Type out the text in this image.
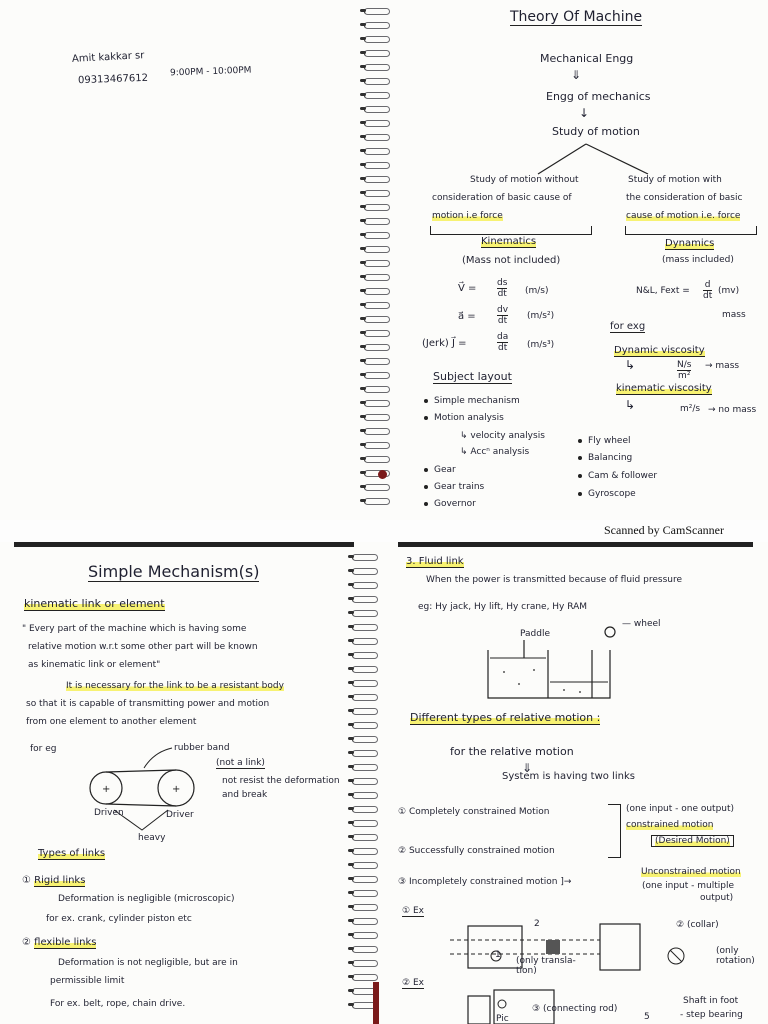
Amit kakkar sr
09313467612
9:00PM - 10:00PM
Theory Of Machine
Mechanical Engg
⇓
Engg of mechanics
↓
Study of motion
Study of motion without
consideration of basic cause of
motion i.e force
Kinematics
(Mass not included)
V⃗ = $\frac{ds}{dt} (m/s)$
a⃗ = $\frac{dv}{dt} (m/s^2)$
(Jerk) J⃗ =	$\frac{da}{dt} (m/s^3)$
Study of motion with
the consideration of basic
cause of motion i.e. force
Dynamics
(mass included)
N&L, Fext = $\frac{d}{dt} (mv)$
mass
for exg
Dynamic viscosity
↳	N/s
m²
→ mass
kinematic viscosity
↳	m²/s → no mass
Subject layout
Simple mechanism
Motion analysis
↳ velocity analysis
↳ Accⁿ analysis
Gear
Gear trains
Governor
Fly wheel
Balancing
Cam & follower
Gyroscope
Scanned by CamScanner
Simple Mechanism(s)
kinematic link or element
" Every part of the machine which is having some
relative motion w.r.t some other part will be known
as kinematic link or element"
It is necessary for the link to be a resistant body
so that it is capable of transmitting power and motion
from one element to another element
for eg
+	+
rubber band
(not a link)
not resist the deformation
and break
Driven	Driver
heavy
Types of links
① Rigid links
Deformation is negligible (microscopic)
for ex. crank, cylinder piston etc
② flexible links
Deformation is not negligible, but are in
permissible limit
For ex. belt, rope, chain drive.
3. Fluid link
When the power is transmitted because of fluid pressure
eg: Hy jack, Hy lift, Hy crane, Hy RAM
Paddle
— wheel
Different types of relative motion :
for the relative motion
⇓
System is having two links
① Completely constrained Motion
② Successfully constrained motion
(one input - one output)
constrained motion
(Desired Motion)
③ Incompletely constrained motion ]→
Unconstrained motion
(one input - multiple
output)
① Ex
1
2	② (collar)
(only rotation)
(only transla-
tion)
② Ex
③ (connecting rod)
Pic
Shaft in foot
- step bearing
5
